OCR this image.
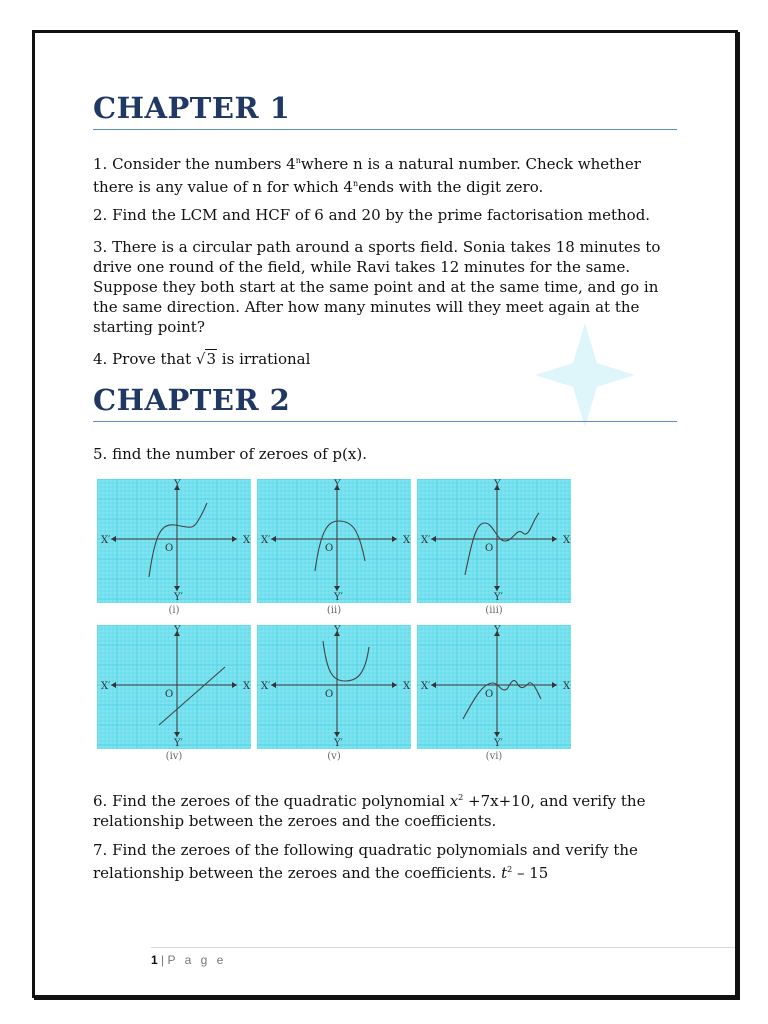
CHAPTER 1

1. Consider the numbers 4$^n$where n is a natural number. Check whether there is any value of n for which 4$^n$ends with the digit zero.

2. Find the LCM and HCF of 6 and 20 by the prime factorisation method.

3. There is a circular path around a sports field. Sonia takes 18 minutes to drive one round of the field, while Ravi takes 12 minutes for the same. Suppose they both start at the same point and at the same time, and go in the same direction. After how many minutes will they meet again at the starting point?

4. Prove that √3 is irrational

CHAPTER 2

5. find the number of zeroes of p(x).

6. Find the zeroes of the quadratic polynomial $x^2 +7x+10$, and verify the relationship between the zeroes and the coefficients.

7. Find the zeroes of the following quadratic polynomials and verify the relationship between the zeroes and the coefficients. $t^2 - 15$

1 | P a g e
X
X′
Y
Y′
O
(i)
X
X′
Y
Y′
O
(ii)
X
X′
Y
Y′
O
(iii)
X
X′
Y
Y′
O
(iv)
X
X′
Y
Y′
O
(v)
X
X′
Y
Y′
O
(vi)
